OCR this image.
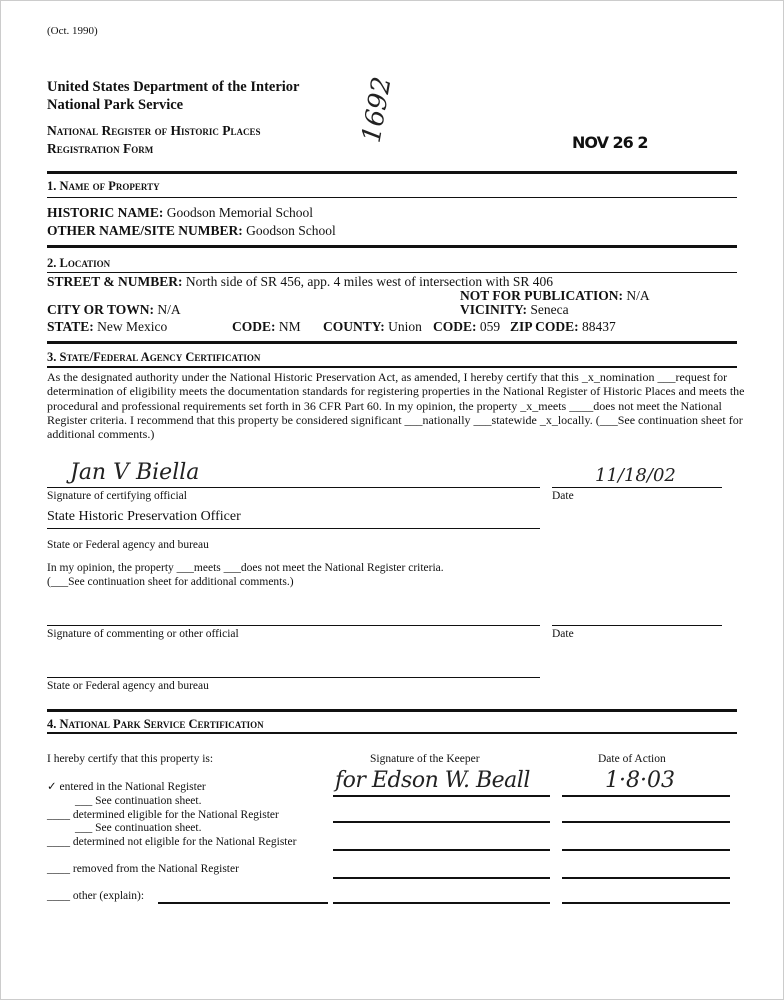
(Oct. 1990)
United States Department of the Interior
National Park Service
National Register of Historic Places
Registration Form
1692	NOV 26 2
1. Name of Property
HISTORIC NAME: Goodson Memorial School
OTHER NAME/SITE NUMBER: Goodson School
2. Location
STREET & NUMBER: North side of SR 456, app. 4 miles west of intersection with SR 406
NOT FOR PUBLICATION: N/A
CITY OR TOWN: N/A	VICINITY: Seneca
STATE: New Mexico	CODE: NM COUNTY: Union CODE: 059 ZIP CODE: 88437
3. State/Federal Agency Certification
As the designated authority under the National Historic Preservation Act, as amended, I hereby certify that this _x_nomination ___request for determination of eligibility meets the documentation standards for registering properties in the National Register of Historic Places and meets the procedural and professional requirements set forth in 36 CFR Part 60. In my opinion, the property _x_meets ____does not meet the National Register criteria. I recommend that this property be considered significant ___nationally ___statewide _x_locally. (___See continuation sheet for additional comments.)
Jan V Biella	11/18/02
Signature of certifying official	Date
State Historic Preservation Officer
State or Federal agency and bureau
In my opinion, the property ___meets ___does not meet the National Register criteria.
(___See continuation sheet for additional comments.)
Signature of commenting or other official	Date
State or Federal agency and bureau
4. National Park Service Certification
I hereby certify that this property is:	Signature of the Keeper	Date of Action
for Edson W. Beall	1·8·03
✓ entered in the National Register
___ See continuation sheet.
____ determined eligible for the National Register
___ See continuation sheet.
____ determined not eligible for the National Register
____ removed from the National Register
____ other (explain):
